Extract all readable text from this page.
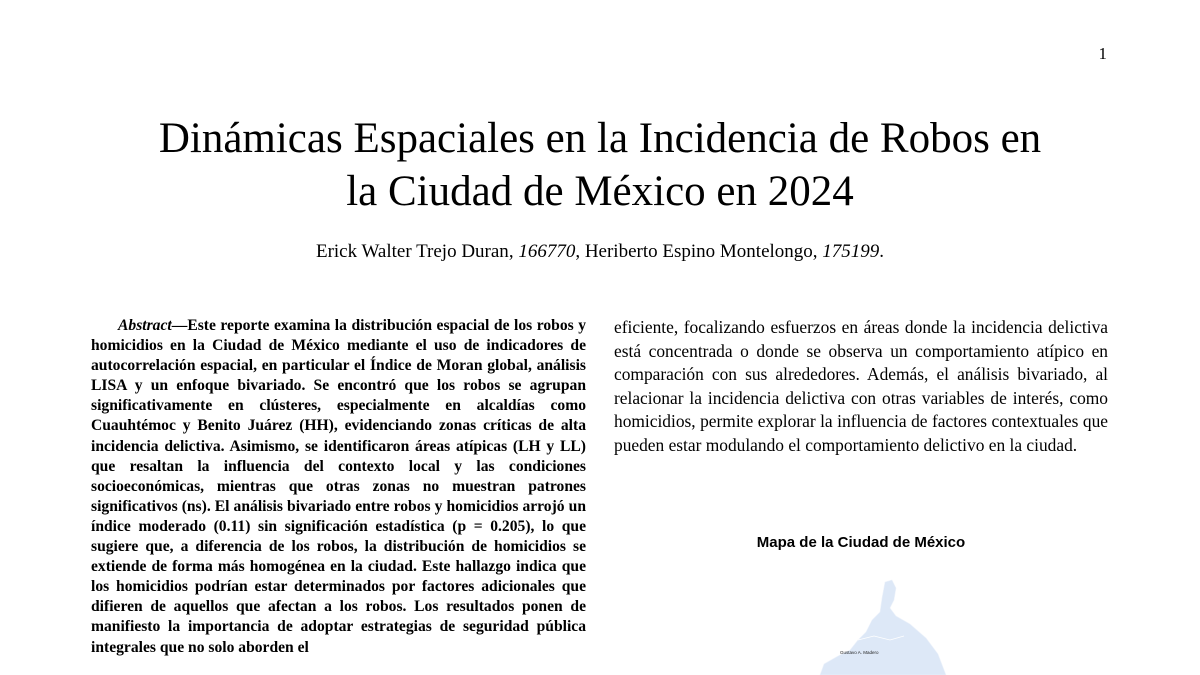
1
Dinámicas Espaciales en la Incidencia de Robos en
la Ciudad de México en 2024
Erick Walter Trejo Duran, 166770, Heriberto Espino Montelongo, 175199.

Abstract—Este reporte examina la distribución espacial de los robos y homicidios en la Ciudad de México mediante el uso de indicadores de autocorrelación espacial, en particular el Índice de Moran global, análisis LISA y un enfoque bivariado. Se encontró que los robos se agrupan significativamente en clústeres, especialmente en alcaldías como Cuauhtémoc y Benito Juárez (HH), evidenciando zonas críticas de alta incidencia delictiva. Asimismo, se identificaron áreas atípicas (LH y LL) que resaltan la influencia del contexto local y las condiciones socioeconómicas, mientras que otras zonas no muestran patrones significativos (ns). El análisis bivariado entre robos y homicidios arrojó un índice moderado (0.11) sin significación estadística (p = 0.205), lo que sugiere que, a diferencia de los robos, la distribución de homicidios se extiende de forma más homogénea en la ciudad. Este hallazgo indica que los homicidios podrían estar determinados por factores adicionales que difieren de aquellos que afectan a los robos. Los resultados ponen de manifiesto la importancia de adoptar estrategias de seguridad pública integrales que no solo aborden el

eficiente, focalizando esfuerzos en áreas donde la incidencia delictiva está concentrada o donde se observa un comportamiento atípico en comparación con sus alrededores. Además, el análisis bivariado, al relacionar la incidencia delictiva con otras variables de interés, como homicidios, permite explorar la influencia de factores contextuales que pueden estar modulando el comportamiento delictivo en la ciudad.

Mapa de la Ciudad de México
Gustavo A. Madero
